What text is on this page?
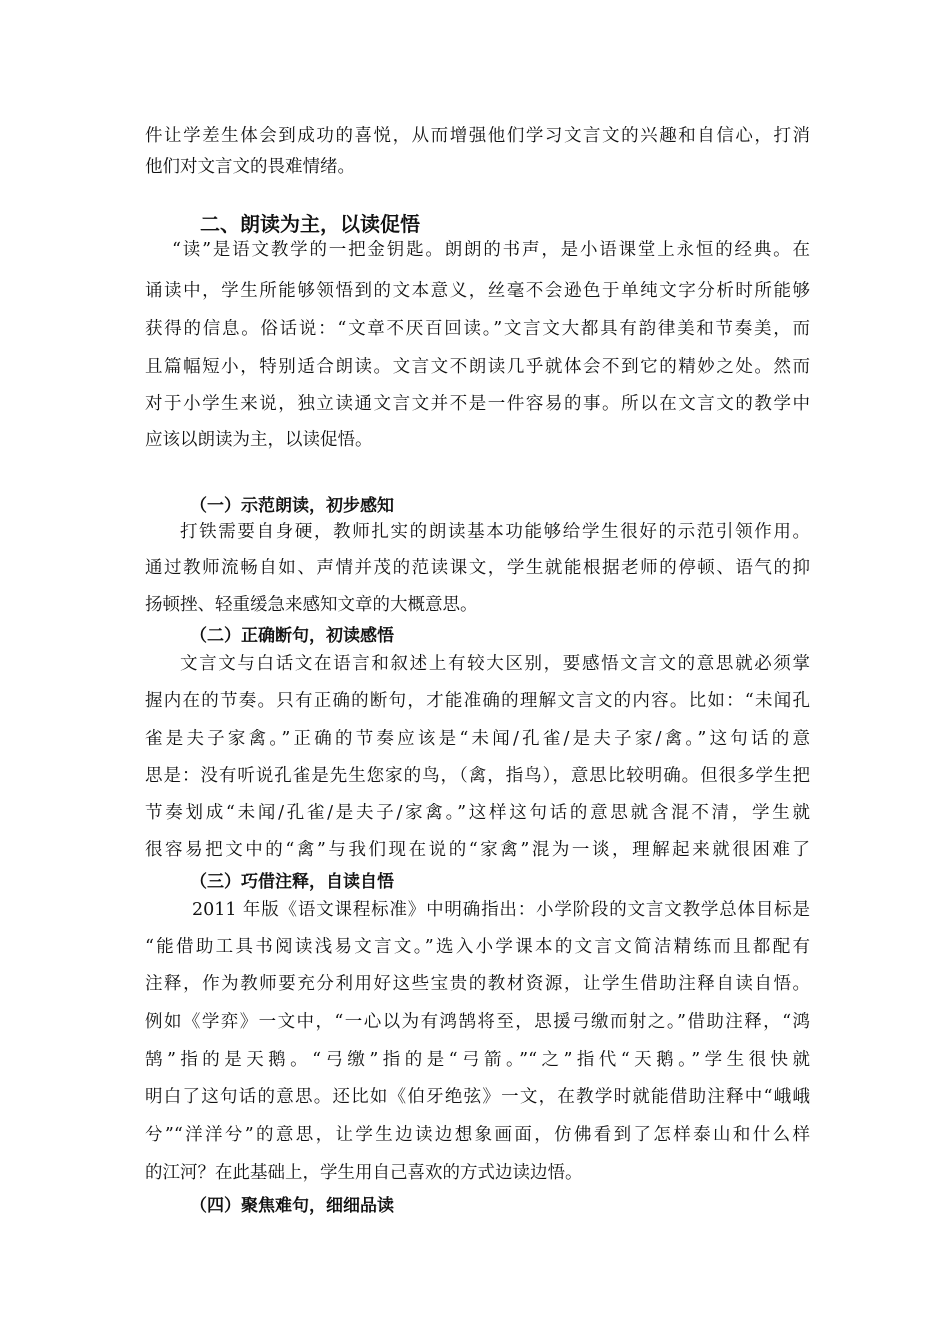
件让学差生体会到成功的喜悦，从而增强他们学习文言文的兴趣和自信心，打消
他们对文言文的畏难情绪。
二、朗读为主，以读促悟
“读”是语文教学的一把金钥匙。朗朗的书声，是小语课堂上永恒的经典。在
诵读中，学生所能够领悟到的文本意义，丝毫不会逊色于单纯文字分析时所能够
获得的信息。俗话说：“文章不厌百回读。”文言文大都具有韵律美和节奏美，而
且篇幅短小，特别适合朗读。文言文不朗读几乎就体会不到它的精妙之处。然而
对于小学生来说，独立读通文言文并不是一件容易的事。所以在文言文的教学中
应该以朗读为主，以读促悟。
（一）示范朗读，初步感知
打铁需要自身硬，教师扎实的朗读基本功能够给学生很好的示范引领作用。
通过教师流畅自如、声情并茂的范读课文，学生就能根据老师的停顿、语气的抑
扬顿挫、轻重缓急来感知文章的大概意思。
（二）正确断句，初读感悟
文言文与白话文在语言和叙述上有较大区别，要感悟文言文的意思就必须掌
握内在的节奏。只有正确的断句，才能准确的理解文言文的内容。比如：“未闻孔
雀是夫子家禽。”正确的节奏应该是“未闻/孔雀/是夫子家/禽。”这句话的意
思是：没有听说孔雀是先生您家的鸟，（禽，指鸟），意思比较明确。但很多学生把
节奏划成“未闻/孔雀/是夫子/家禽。”这样这句话的意思就含混不清，学生就
很容易把文中的“禽”与我们现在说的“家禽”混为一谈，理解起来就很困难了
（三）巧借注释，自读自悟
2011 年版《语文课程标准》中明确指出：小学阶段的文言文教学总体目标是
“能借助工具书阅读浅易文言文。”选入小学课本的文言文简洁精练而且都配有
注释，作为教师要充分利用好这些宝贵的教材资源，让学生借助注释自读自悟。
例如《学弈》一文中，“一心以为有鸿鹄将至，思援弓缴而射之。”借助注释，“鸿
鹄”指的是天鹅。“弓缴”指的是“弓箭。”“之”指代“天鹅。”学生很快就
明白了这句话的意思。还比如《伯牙绝弦》一文，在教学时就能借助注释中“峨峨
兮”“洋洋兮”的意思，让学生边读边想象画面，仿佛看到了怎样泰山和什么样
的江河？在此基础上，学生用自己喜欢的方式边读边悟。
（四）聚焦难句，细细品读
